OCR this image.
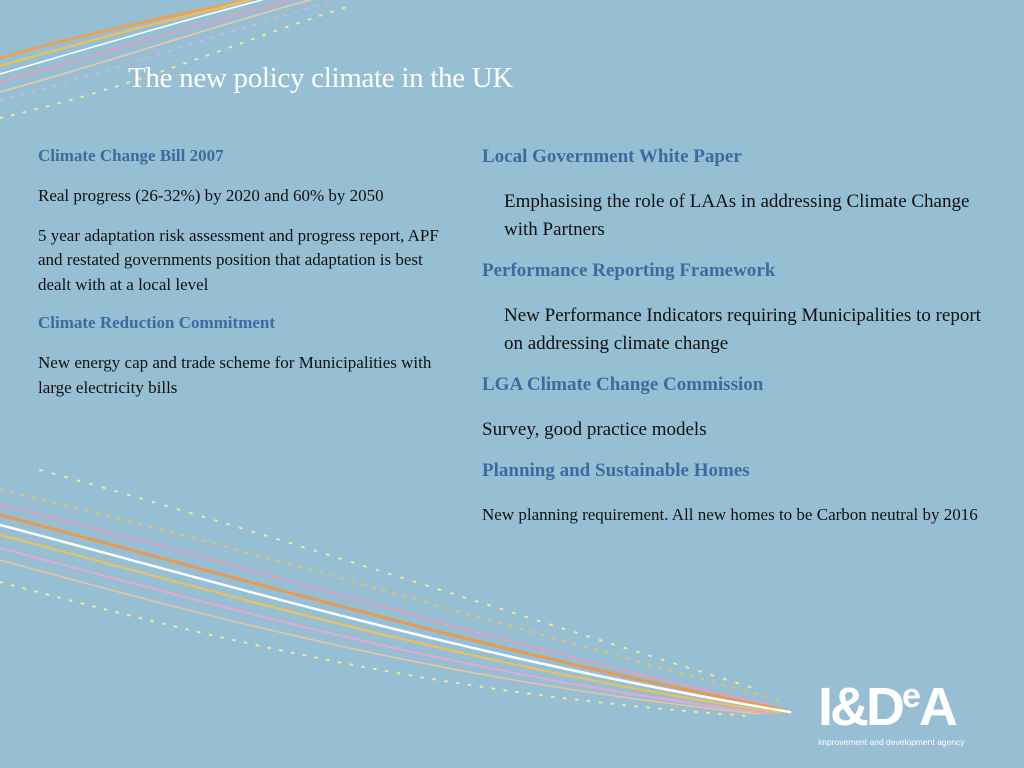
The new policy climate in the UK
Climate Change Bill 2007

Real progress (26-32%) by 2020 and 60% by 2050

5 year adaptation risk assessment and progress report, APF and restated governments position that adaptation is best dealt with at a local level

Climate Reduction Commitment

New energy cap and trade scheme for Municipalities with large electricity bills

Local Government White Paper

Emphasising the role of LAAs in addressing Climate Change with Partners

Performance Reporting Framework

New Performance Indicators requiring Municipalities to report on addressing climate change

LGA Climate Change Commission

Survey, good practice models

Planning and Sustainable Homes

New planning requirement. All new homes to be Carbon neutral by 2016

I&DeA
improvement and development agency
